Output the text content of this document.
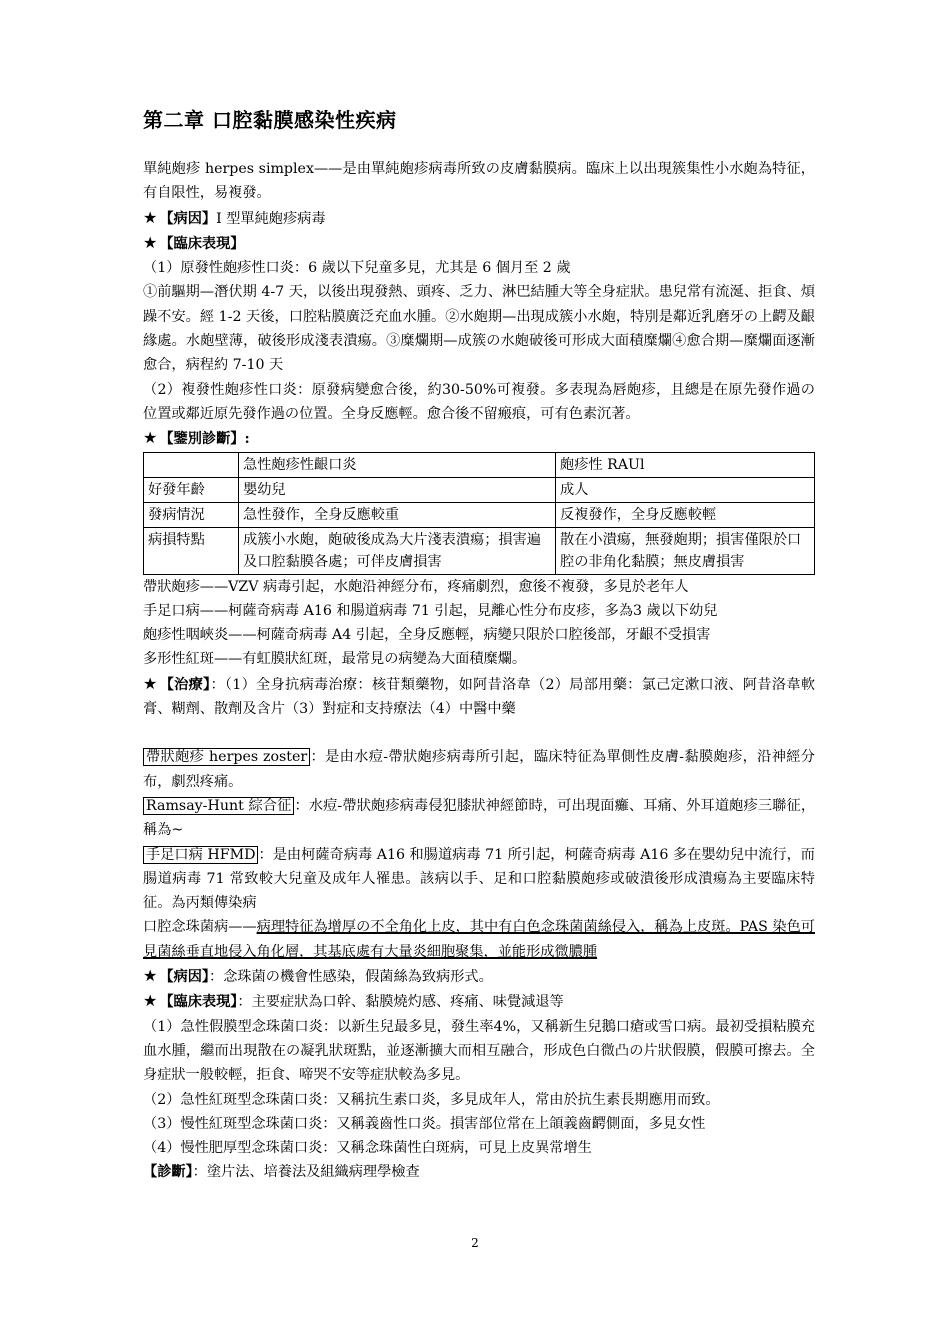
第二章 口腔黏膜感染性疾病

單純皰疹 herpes simplex——是由單純皰疹病毒所致の皮膚黏膜病。臨床上以出現簇集性小水皰為特征，有自限性，易複發。

★ 【病因】I 型單純皰疹病毒

★ 【臨床表現】

（1）原發性皰疹性口炎：6 歲以下兒童多見，尤其是 6 個月至 2 歲

①前驅期—潛伏期 4-7 天，以後出現發熱、頭疼、乏力、淋巴結腫大等全身症狀。患兒常有流涎、拒食、煩躁不安。經 1-2 天後，口腔粘膜廣泛充血水腫。②水皰期—出現成簇小水皰，特別是鄰近乳磨牙の上齶及齦緣處。水皰壁薄，破後形成淺表潰瘍。③糜爛期—成簇の水皰破後可形成大面積糜爛④愈合期—糜爛面逐漸愈合，病程約 7-10 天

（2）複發性皰疹性口炎：原發病變愈合後，約30-50%可複發。多表現為唇皰疹，且總是在原先發作過の位置或鄰近原先發作過の位置。全身反應輕。愈合後不留瘢痕，可有色素沉著。

★ 【鑒別診斷】:

	急性皰疹性齦口炎	皰疹性 RAUl
好發年齡	嬰幼兒	成人
發病情況	急性發作，全身反應較重	反複發作，全身反應較輕
病損特點	成簇小水皰，皰破後成為大片淺表潰瘍；損害遍及口腔黏膜各處；可伴皮膚損害	散在小潰瘍，無發皰期；損害僅限於口腔の非角化黏膜；無皮膚損害

帶狀皰疹——VZV 病毒引起，水皰沿神經分布，疼痛劇烈，愈後不複發，多見於老年人

手足口病——柯薩奇病毒 A16 和腸道病毒 71 引起，見離心性分布皮疹，多為3 歲以下幼兒

皰疹性咽峽炎——柯薩奇病毒 A4 引起，全身反應輕，病變只限於口腔後部，牙齦不受損害

多形性紅斑——有虹膜狀紅斑，最常見の病變為大面積糜爛。

★ 【治療】：（1）全身抗病毒治療：核苷類藥物，如阿昔洛韋（2）局部用藥：氯己定漱口液、阿昔洛韋軟膏、糊劑、散劑及含片（3）對症和支持療法（4）中醫中藥

帶狀皰疹 herpes zoster ：是由水痘-帶狀皰疹病毒所引起，臨床特征為單側性皮膚-黏膜皰疹，沿神經分布，劇烈疼痛。

Ramsay-Hunt 綜合征 ：水痘-帶狀皰疹病毒侵犯膝狀神經節時，可出現面癱、耳痛、外耳道皰疹三聯征，稱為~

手足口病 HFMD ：是由柯薩奇病毒 A16 和腸道病毒 71 所引起，柯薩奇病毒 A16 多在嬰幼兒中流行，而腸道病毒 71 常致較大兒童及成年人罹患。該病以手、足和口腔黏膜皰疹或破潰後形成潰瘍為主要臨床特征。為丙類傳染病

口腔念珠菌病——病理特征為增厚の不全角化上皮，其中有白色念珠菌菌絲侵入，稱為上皮斑。PAS 染色可見菌絲垂直地侵入角化層，其基底處有大量炎細胞聚集，並能形成微膿腫

★ 【病因】：念珠菌の機會性感染，假菌絲為致病形式。

★ 【臨床表現】：主要症狀為口幹、黏膜燒灼感、疼痛、味覺減退等

（1）急性假膜型念珠菌口炎：以新生兒最多見，發生率4%，又稱新生兒鵝口瘡或雪口病。最初受損粘膜充血水腫，繼而出現散在の凝乳狀斑點，並逐漸擴大而相互融合，形成色白微凸の片狀假膜，假膜可擦去。全身症狀一般較輕，拒食、啼哭不安等症狀較為多見。

（2）急性紅斑型念珠菌口炎：又稱抗生素口炎，多見成年人，常由於抗生素長期應用而致。

（3）慢性紅斑型念珠菌口炎：又稱義齒性口炎。損害部位常在上頜義齒齶側面，多見女性

（4）慢性肥厚型念珠菌口炎：又稱念珠菌性白斑病，可見上皮異常增生

【診斷】：塗片法、培養法及組織病理學檢查

2
